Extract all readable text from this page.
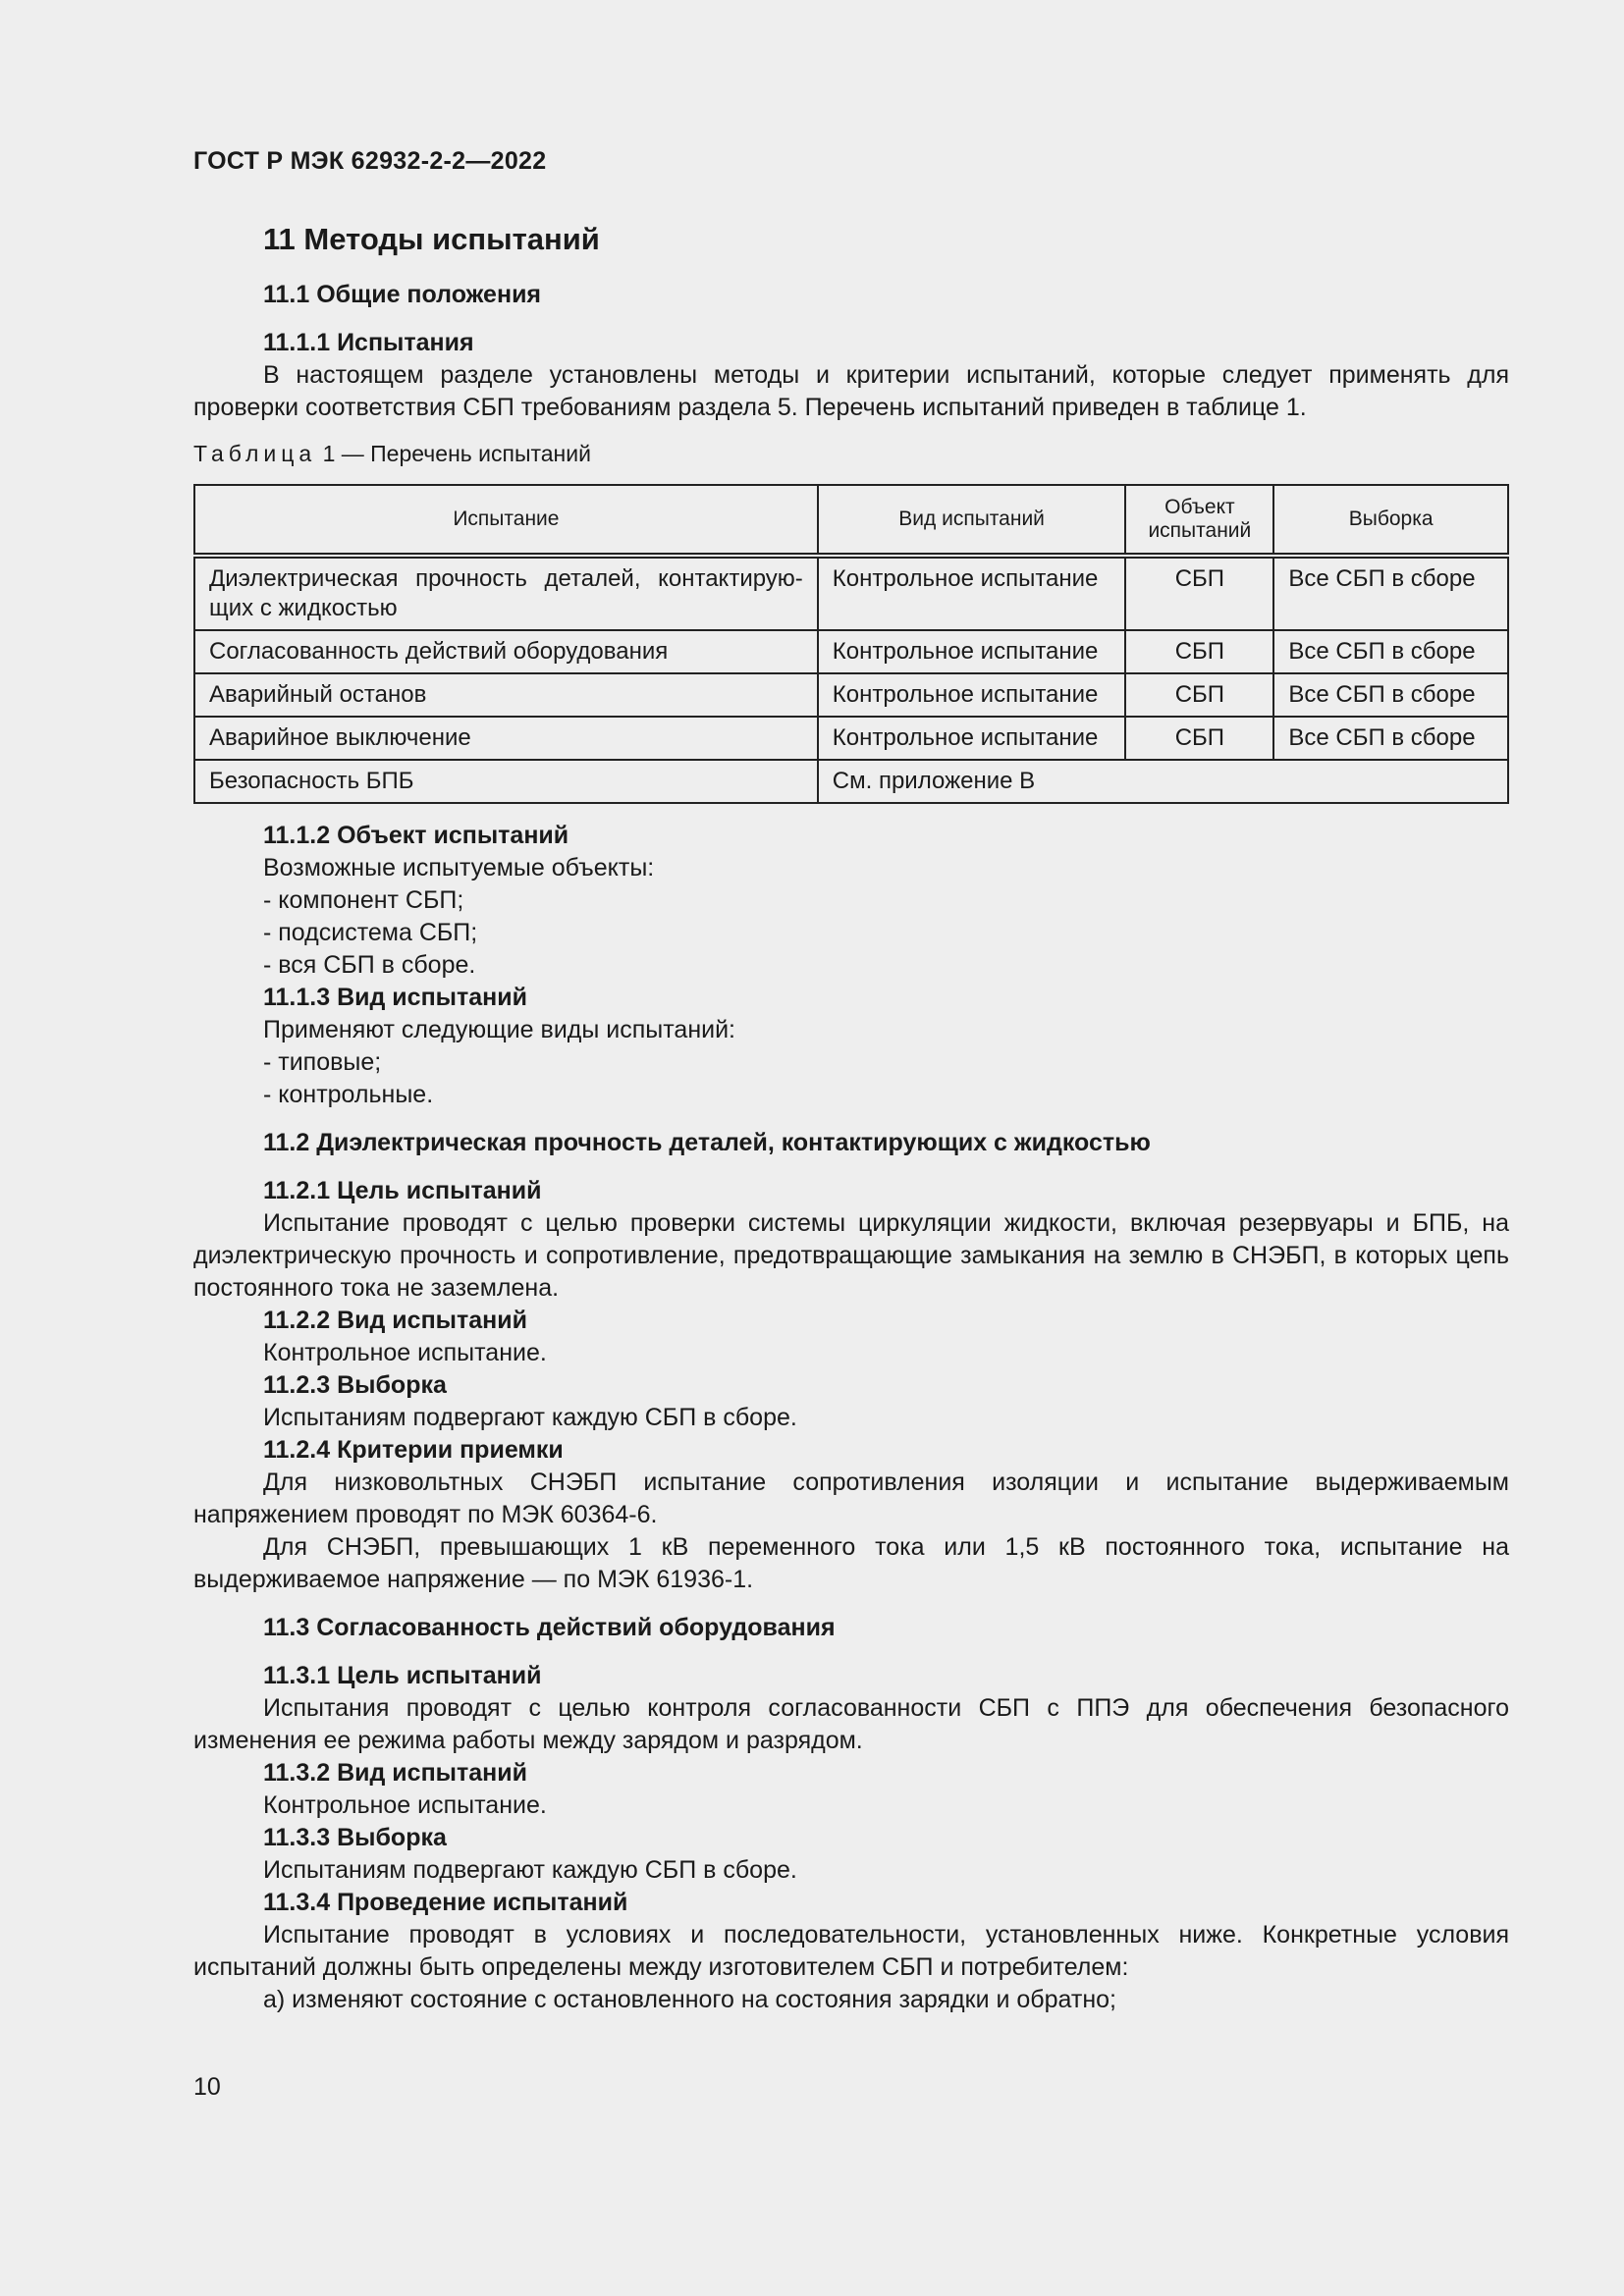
ГОСТ Р МЭК 62932-2-2—2022
11 Методы испытаний
11.1 Общие положения
11.1.1 Испытания

В настоящем разделе установлены методы и критерии испытаний, которые следует применять для проверки соответствия СБП требованиям раздела 5. Перечень испытаний приведен в таблице 1.

Таблица 1 — Перечень испытаний
Испытание	Вид испытаний	Объект испытаний	Выборка
Диэлектрическая прочность деталей, контактирую-щих с жидкостью	Контрольное испытание	СБП	Все СБП в сборе
Согласованность действий оборудования	Контрольное испытание	СБП	Все СБП в сборе
Аварийный останов	Контрольное испытание	СБП	Все СБП в сборе
Аварийное выключение	Контрольное испытание	СБП	Все СБП в сборе
Безопасность БПБ	См. приложение В		
11.1.2 Объект испытаний
Возможные испытуемые объекты:
- компонент СБП;
- подсистема СБП;
- вся СБП в сборе.
11.1.3 Вид испытаний
Применяют следующие виды испытаний:
- типовые;
- контрольные.
11.2 Диэлектрическая прочность деталей, контактирующих с жидкостью
11.2.1 Цель испытаний

Испытание проводят с целью проверки системы циркуляции жидкости, включая резервуары и БПБ, на диэлектрическую прочность и сопротивление, предотвращающие замыкания на землю в СНЭБП, в которых цепь постоянного тока не заземлена.

11.2.2 Вид испытаний

Контрольное испытание.

11.2.3 Выборка

Испытаниям подвергают каждую СБП в сборе.

11.2.4 Критерии приемки

Для низковольтных СНЭБП испытание сопротивления изоляции и испытание выдерживаемым напряжением проводят по МЭК 60364-6.

Для СНЭБП, превышающих 1 кВ переменного тока или 1,5 кВ постоянного тока, испытание на выдерживаемое напряжение — по МЭК 61936-1.

11.3 Согласованность действий оборудования
11.3.1 Цель испытаний

Испытания проводят с целью контроля согласованности СБП с ППЭ для обеспечения безопасного изменения ее режима работы между зарядом и разрядом.

11.3.2 Вид испытаний

Контрольное испытание.

11.3.3 Выборка

Испытаниям подвергают каждую СБП в сборе.

11.3.4 Проведение испытаний

Испытание проводят в условиях и последовательности, установленных ниже. Конкретные условия испытаний должны быть определены между изготовителем СБП и потребителем:

а) изменяют состояние с остановленного на состояния зарядки и обратно;
10
